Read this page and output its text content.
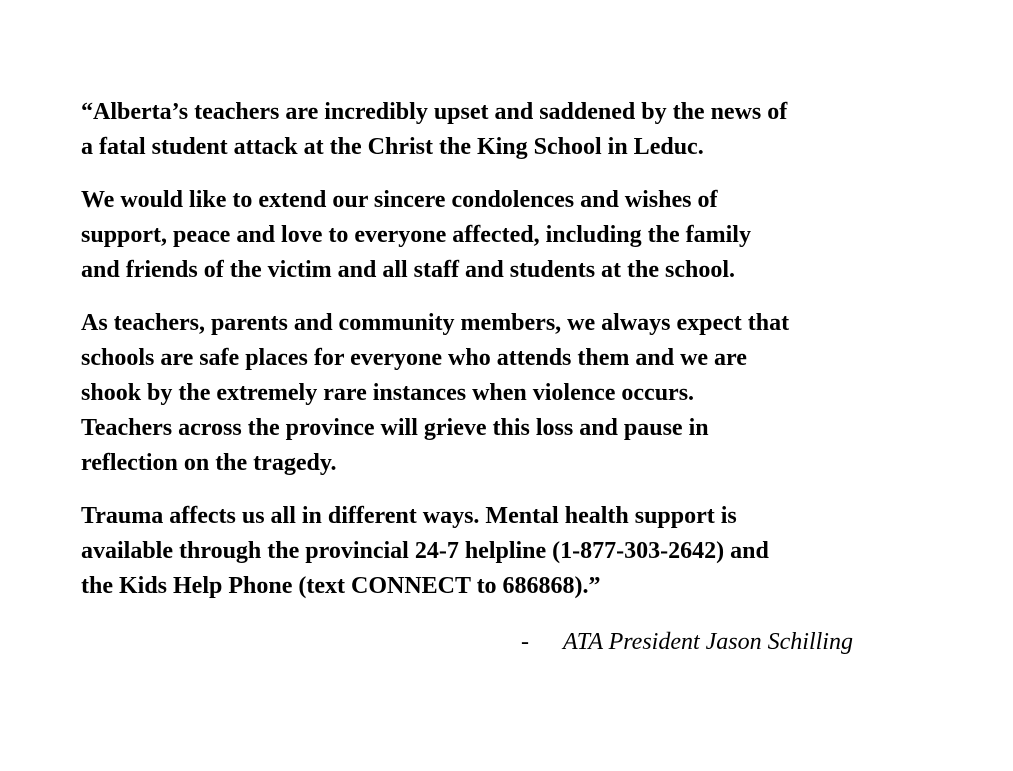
“Alberta’s teachers are incredibly upset and saddened by the news of
a fatal student attack at the Christ the King School in Leduc.
We would like to extend our sincere condolences and wishes of
support, peace and love to everyone affected, including the family
and friends of the victim and all staff and students at the school.
As teachers, parents and community members, we always expect that
schools are safe places for everyone who attends them and we are
shook by the extremely rare instances when violence occurs.
Teachers across the province will grieve this loss and pause in
reflection on the tragedy.
Trauma affects us all in different ways. Mental health support is
available through the provincial 24-7 helpline (1-877-303-2642) and
the Kids Help Phone (text CONNECT to 686868).”
- ATA President Jason Schilling
